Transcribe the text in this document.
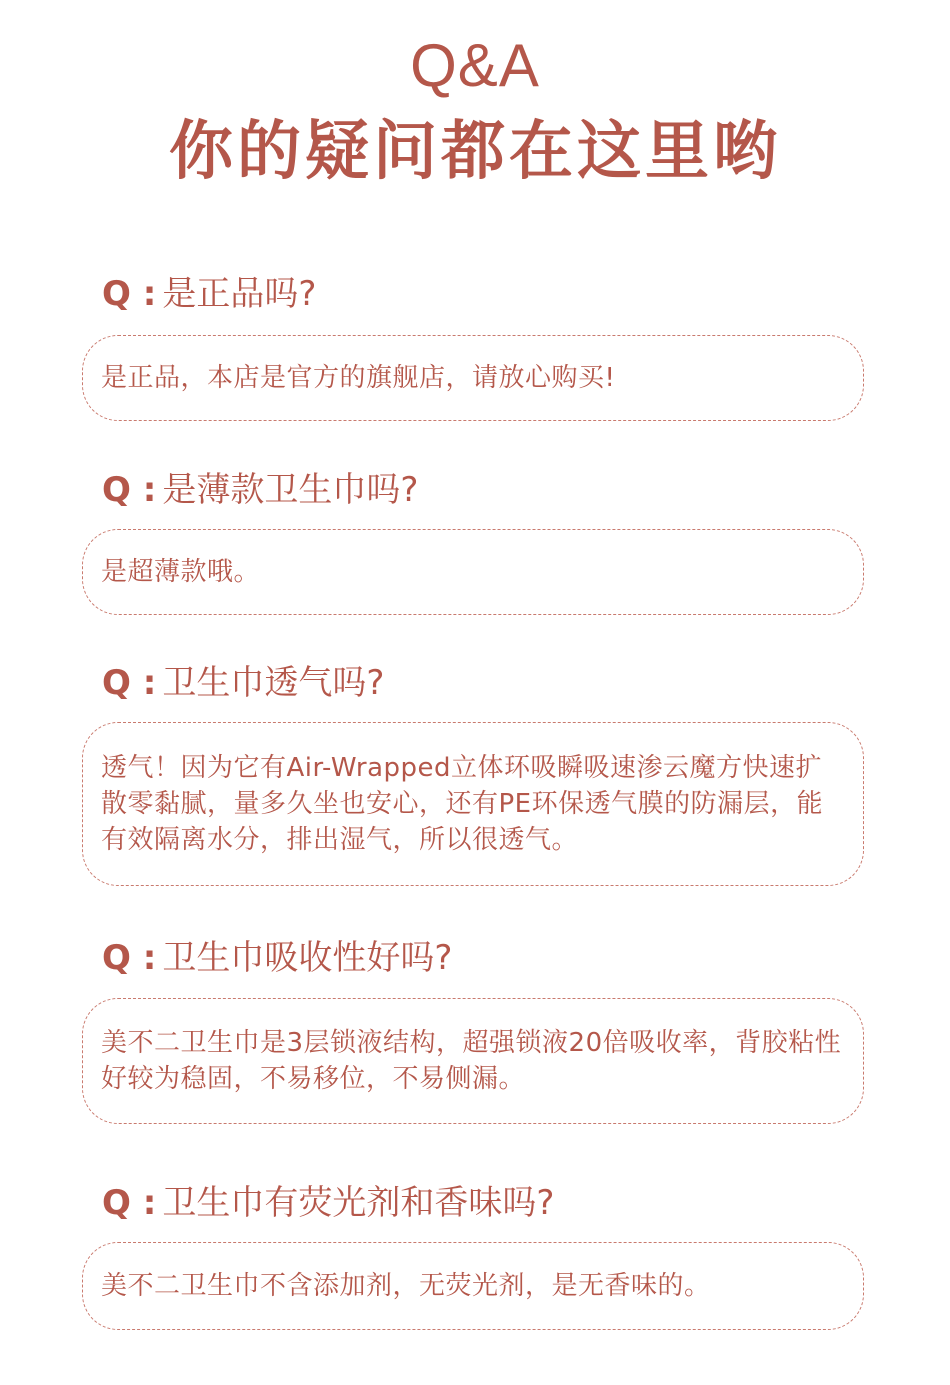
Q&A
你的疑问都在这里哟
Q : 是正品吗?
是正品，本店是官方的旗舰店，请放心购买!
Q : 是薄款卫生巾吗?
是超薄款哦。
Q : 卫生巾透气吗?
透气！因为它有Air-Wrapped立体环吸瞬吸速渗云魔方快速扩散零黏腻，量多久坐也安心，还有PE环保透气膜的防漏层，能有效隔离水分，排出湿气，所以很透气。
Q : 卫生巾吸收性好吗?
美不二卫生巾是3层锁液结构，超强锁液20倍吸收率，背胶粘性好较为稳固，不易移位，不易侧漏。
Q : 卫生巾有荧光剂和香味吗?
美不二卫生巾不含添加剂，无荧光剂，是无香味的。
